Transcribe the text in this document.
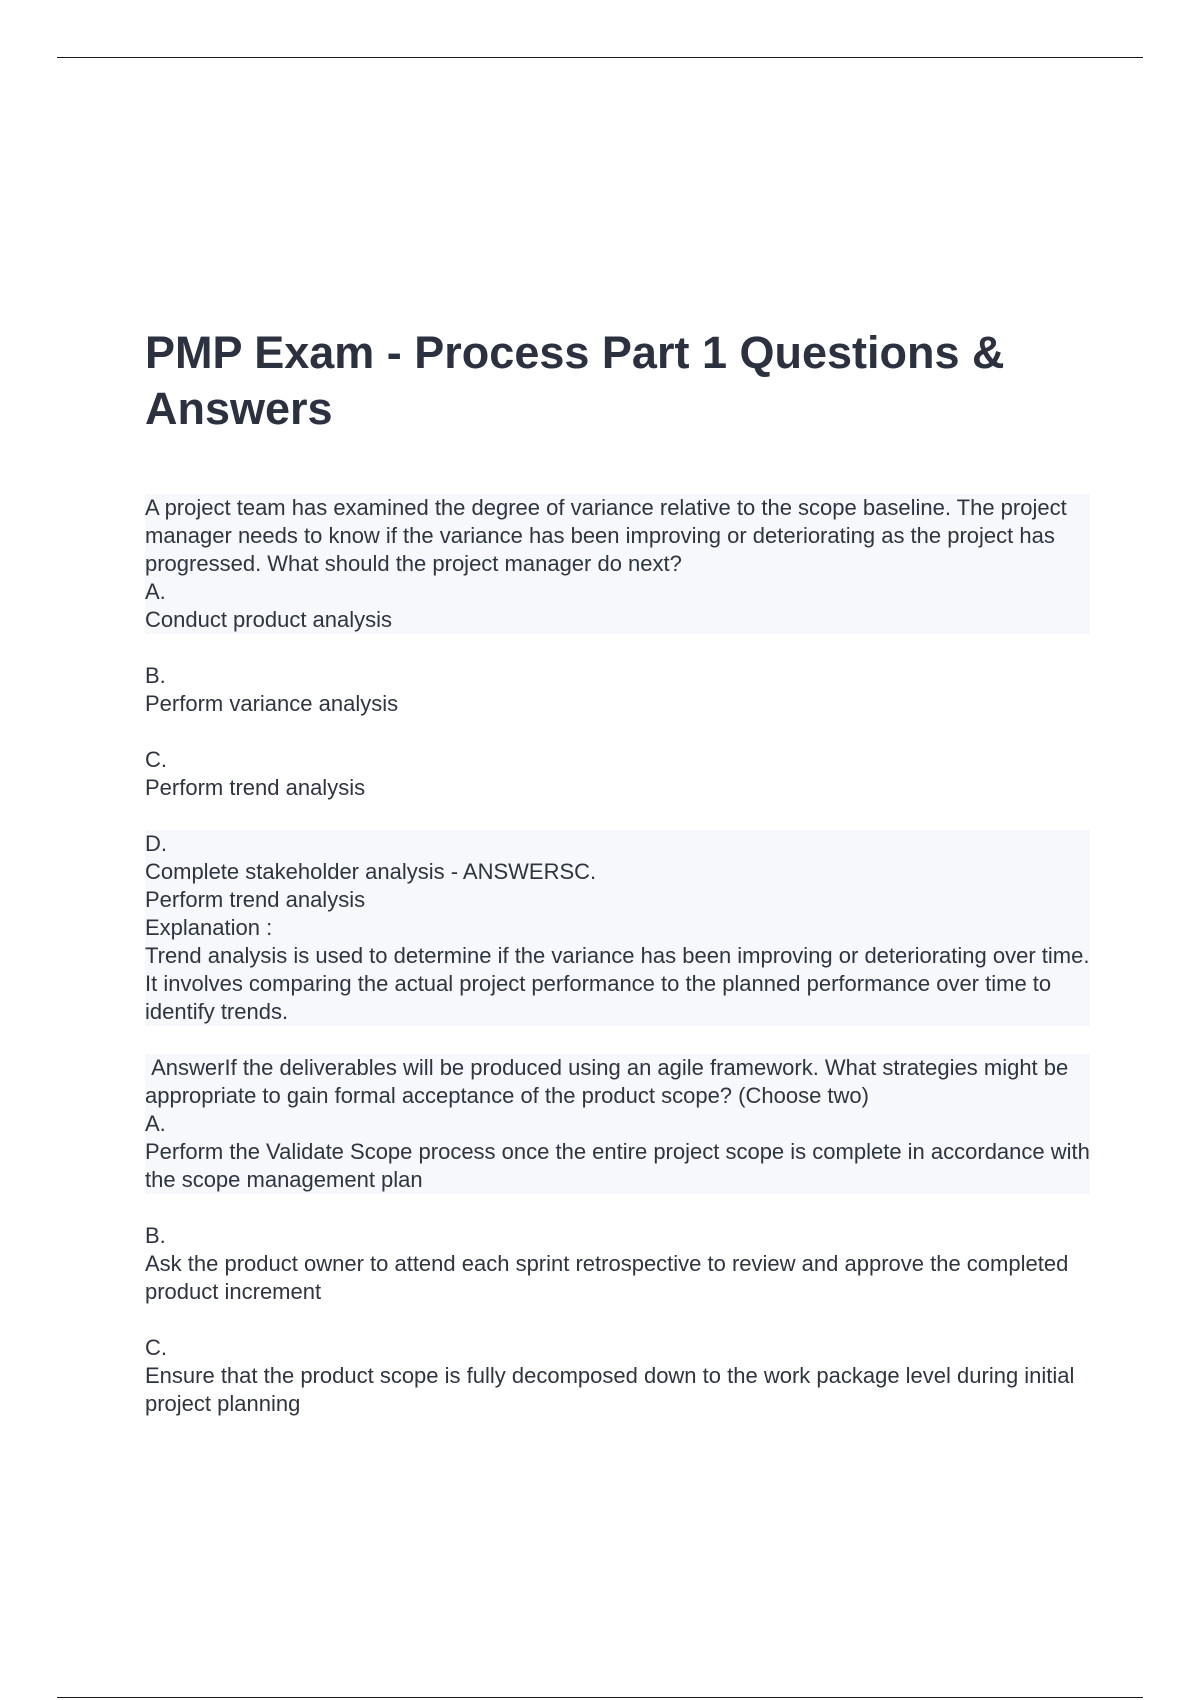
PMP Exam - Process Part 1 Questions & Answers
A project team has examined the degree of variance relative to the scope baseline. The project manager needs to know if the variance has been improving or deteriorating as the project has progressed. What should the project manager do next?
A.
Conduct product analysis
B.
Perform variance analysis
C.
Perform trend analysis
D.
Complete stakeholder analysis - ANSWERSC.
Perform trend analysis
Explanation :
Trend analysis is used to determine if the variance has been improving or deteriorating over time. It involves comparing the actual project performance to the planned performance over time to identify trends.
AnswerIf the deliverables will be produced using an agile framework. What strategies might be appropriate to gain formal acceptance of the product scope? (Choose two)
A.
Perform the Validate Scope process once the entire project scope is complete in accordance with the scope management plan
B.
Ask the product owner to attend each sprint retrospective to review and approve the completed product increment
C.
Ensure that the product scope is fully decomposed down to the work package level during initial project planning
